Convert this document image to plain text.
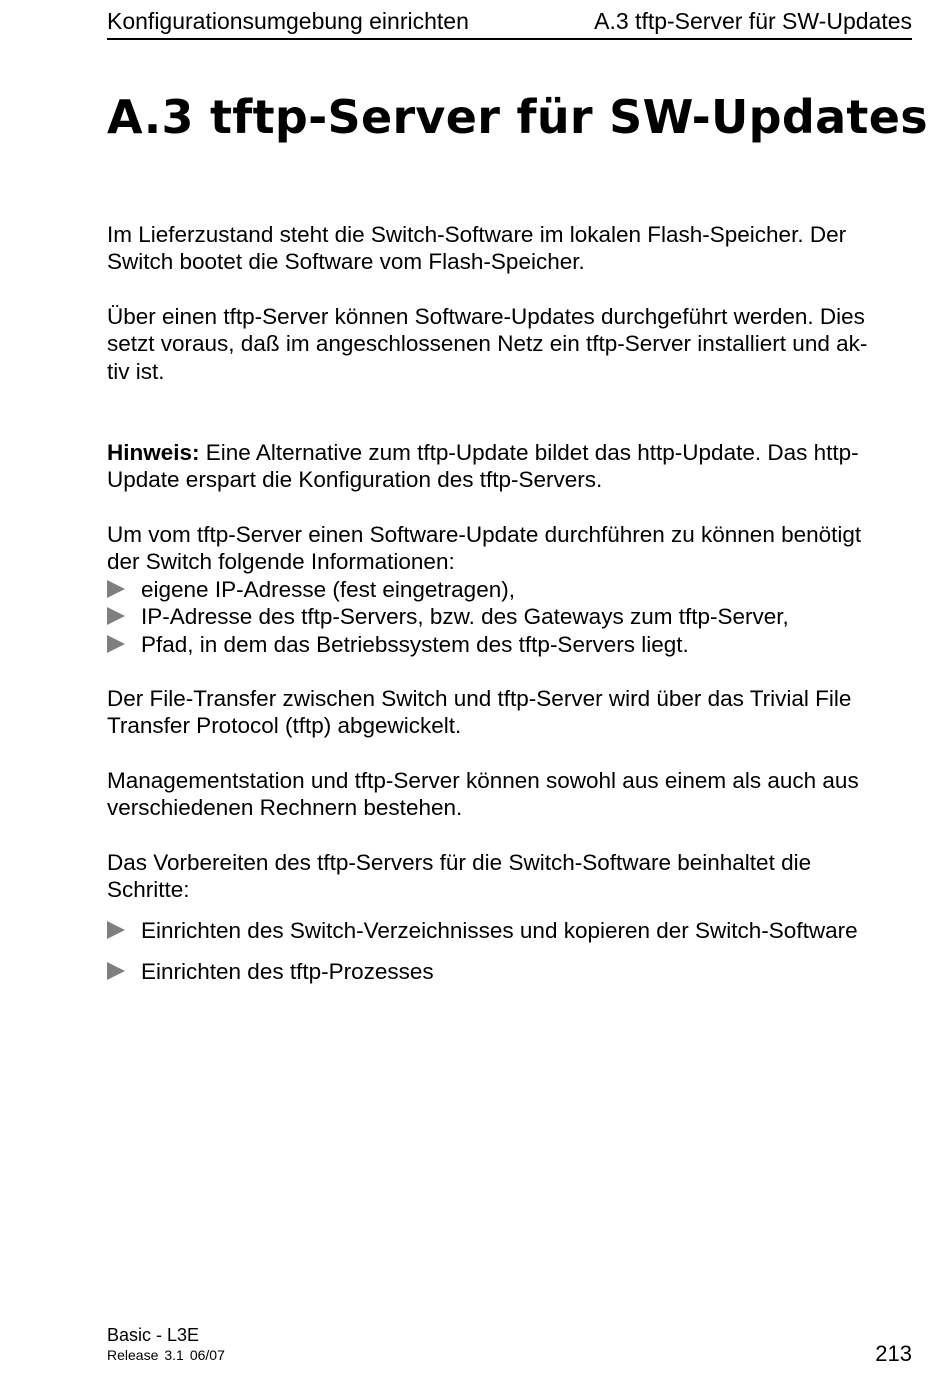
Konfigurationsumgebung einrichten	A.3 tftp-Server für SW-Updates
A.3 tftp-Server für SW-Updates

Im Lieferzustand steht die Switch-Software im lokalen Flash-Speicher. Der
Switch bootet die Software vom Flash-Speicher.

Über einen tftp-Server können Software-Updates durchgeführt werden. Dies
setzt voraus, daß im angeschlossenen Netz ein tftp-Server installiert und ak-
tiv ist.

Hinweis: Eine Alternative zum tftp-Update bildet das http-Update. Das http-
Update erspart die Konfiguration des tftp-Servers.

Um vom tftp-Server einen Software-Update durchführen zu können benötigt
der Switch folgende Informationen:
eigene IP-Adresse (fest eingetragen),
IP-Adresse des tftp-Servers, bzw. des Gateways zum tftp-Server,
Pfad, in dem das Betriebssystem des tftp-Servers liegt.

Der File-Transfer zwischen Switch und tftp-Server wird über das Trivial File
Transfer Protocol (tftp) abgewickelt.

Managementstation und tftp-Server können sowohl aus einem als auch aus
verschiedenen Rechnern bestehen.

Das Vorbereiten des tftp-Servers für die Switch-Software beinhaltet die
Schritte:

Einrichten des Switch-Verzeichnisses und kopieren der Switch-Software

Einrichten des tftp-Prozesses

Basic - L3E
Release 3.1 06/07	213
